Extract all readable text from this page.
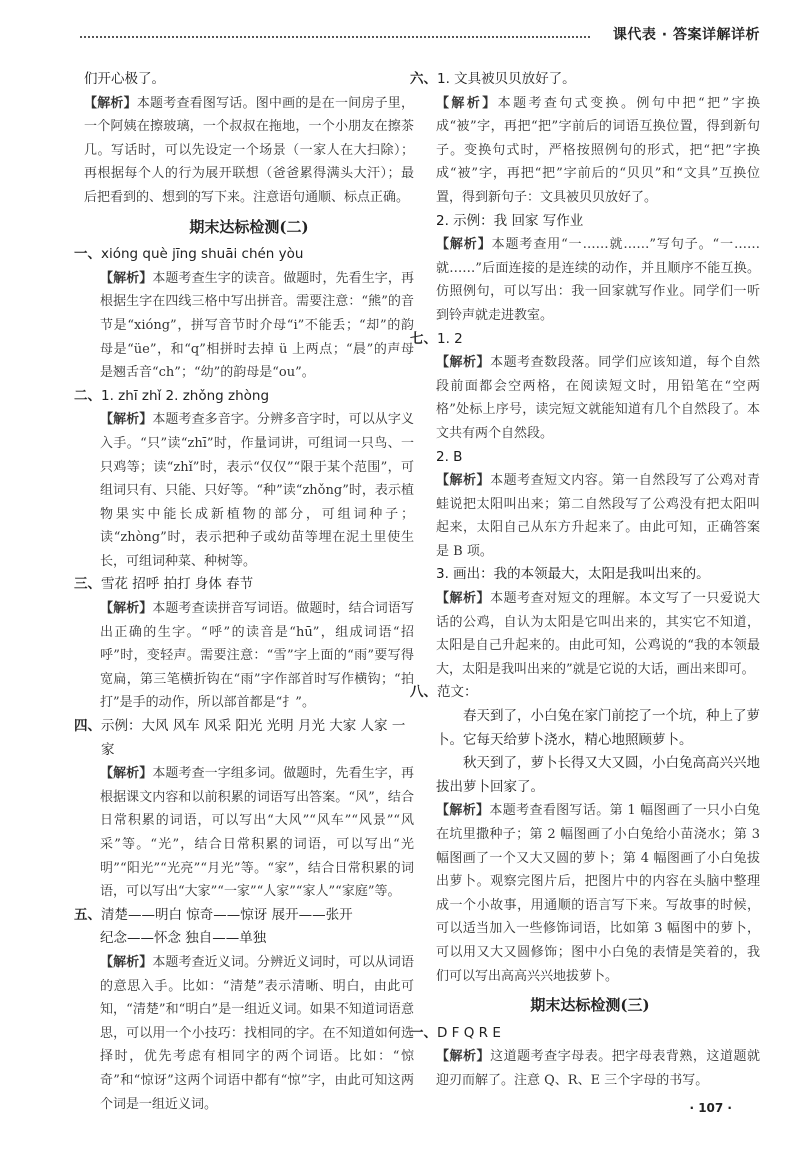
课代表 · 答案详解详析

们开心极了。

【解析】本题考查看图写话。图中画的是在一间房子里，一个阿姨在擦玻璃，一个叔叔在拖地，一个小朋友在擦茶几。写话时，可以先设定一个场景（一家人在大扫除）；再根据每个人的行为展开联想（爸爸累得满头大汗）；最后把看到的、想到的写下来。注意语句通顺、标点正确。

期末达标检测(二)
一、 xióng què jīng shuāi chén yòu

【解析】本题考查生字的读音。做题时，先看生字，再根据生字在四线三格中写出拼音。需要注意：“熊”的音节是“xióng”，拼写音节时介母“i”不能丢；“却”的韵母是“üe”，和“q”相拼时去掉 ü 上两点；“晨”的声母是翘舌音“ch”；“幼”的韵母是“ou”。

二、 1. zhī zhǐ 2. zhǒng zhòng

【解析】本题考查多音字。分辨多音字时，可以从字义入手。“只”读“zhī”时，作量词讲，可组词一只鸟、一只鸡等；读“zhǐ”时，表示“仅仅”“限于某个范围”，可组词只有、只能、只好等。“种”读“zhǒng”时，表示植物果实中能长成新植物的部分，可组词种子；读“zhòng”时，表示把种子或幼苗等埋在泥土里使生长，可组词种菜、种树等。

三、 雪花 招呼 拍打 身体 春节

【解析】本题考查读拼音写词语。做题时，结合词语写出正确的生字。“呼”的读音是“hū”，组成词语“招呼”时，变轻声。需要注意：“雪”字上面的“雨”要写得宽扁，第三笔横折钩在“雨”字作部首时写作横钩；“拍打”是手的动作，所以部首都是“扌”。

四、 示例：大风 风车 风采 阳光 光明 月光 大家 人家 一家

【解析】本题考查一字组多词。做题时，先看生字，再根据课文内容和以前积累的词语写出答案。“风”，结合日常积累的词语，可以写出“大风”“风车”“风景”“风采”等。“光”，结合日常积累的词语，可以写出“光明”“阳光”“光亮”“月光”等。“家”，结合日常积累的词语，可以写出“大家”“一家”“人家”“家人”“家庭”等。

五、 清楚——明白 惊奇——惊讶 展开——张开

纪念——怀念 独自——单独

【解析】本题考查近义词。分辨近义词时，可以从词语的意思入手。比如：“清楚”表示清晰、明白，由此可知，“清楚”和“明白”是一组近义词。如果不知道词语意思，可以用一个小技巧：找相同的字。在不知道如何选择时，优先考虑有相同字的两个词语。比如：“惊奇”和“惊讶”这两个词语中都有“惊”字，由此可知这两个词是一组近义词。

六、 1. 文具被贝贝放好了。

【解析】本题考查句式变换。例句中把“把”字换成“被”字，再把“把”字前后的词语互换位置，得到新句子。变换句式时，严格按照例句的形式，把“把”字换成“被”字，再把“把”字前后的“贝贝”和“文具”互换位置，得到新句子：文具被贝贝放好了。

2. 示例：我 回家 写作业

【解析】本题考查用“一……就……”写句子。“一……就……”后面连接的是连续的动作，并且顺序不能互换。仿照例句，可以写出：我一回家就写作业。同学们一听到铃声就走进教室。

七、 1. 2

【解析】本题考查数段落。同学们应该知道，每个自然段前面都会空两格，在阅读短文时，用铅笔在“空两格”处标上序号，读完短文就能知道有几个自然段了。本文共有两个自然段。

2. B

【解析】本题考查短文内容。第一自然段写了公鸡对青蛙说把太阳叫出来；第二自然段写了公鸡没有把太阳叫起来，太阳自己从东方升起来了。由此可知，正确答案是 B 项。

3. 画出：我的本领最大，太阳是我叫出来的。

【解析】本题考查对短文的理解。本文写了一只爱说大话的公鸡，自认为太阳是它叫出来的，其实它不知道，太阳是自己升起来的。由此可知，公鸡说的“我的本领最大，太阳是我叫出来的”就是它说的大话，画出来即可。

八、 范文：

春天到了，小白兔在家门前挖了一个坑，种上了萝卜。它每天给萝卜浇水，精心地照顾萝卜。

秋天到了，萝卜长得又大又圆，小白兔高高兴兴地拔出萝卜回家了。

【解析】本题考查看图写话。第 1 幅图画了一只小白兔在坑里撒种子；第 2 幅图画了小白兔给小苗浇水；第 3 幅图画了一个又大又圆的萝卜；第 4 幅图画了小白兔拔出萝卜。观察完图片后，把图片中的内容在头脑中整理成一个小故事，用通顺的语言写下来。写故事的时候，可以适当加入一些修饰词语，比如第 3 幅图中的萝卜，可以用又大又圆修饰；图中小白兔的表情是笑着的，我们可以写出高高兴兴地拔萝卜。

期末达标检测(三)
一、 D F Q R E

【解析】这道题考查字母表。把字母表背熟，这道题就迎刃而解了。注意 Q、R、E 三个字母的书写。

· 107 ·
